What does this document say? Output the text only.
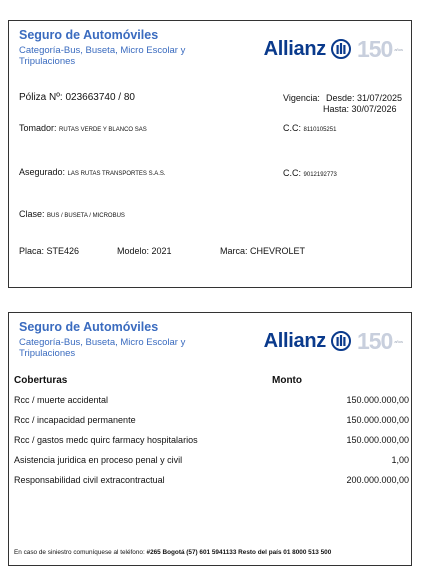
Seguro de Automóviles
Categoría-Bus, Buseta, Micro Escolar y Tripulaciones
Allianz 150 años
Póliza Nº: 023663740 / 80	Vigencia: Desde: 31/07/2025
Hasta: 30/07/2026
Tomador: RUTAS VERDE Y BLANCO SAS	C.C: 8110105251
Asegurado: LAS RUTAS TRANSPORTES S.A.S.	C.C: 9012192773
Clase: BUS / BUSETA / MICROBUS
Placa: STE426	Modelo: 2021	Marca: CHEVROLET
Seguro de Automóviles
Categoría-Bus, Buseta, Micro Escolar y Tripulaciones
Allianz 150 años
Coberturas	Monto
Rcc / muerte accidental	150.000.000,00
Rcc / incapacidad permanente	150.000.000,00
Rcc / gastos medc quirc farmacy hospitalarios	150.000.000,00
Asistencia juridica en proceso penal y civil	1,00
Responsabilidad civil extracontractual	200.000.000,00
En caso de siniestro comuníquese al teléfono: #265 Bogotá (57) 601 5941133 Resto del país 01 8000 513 500
